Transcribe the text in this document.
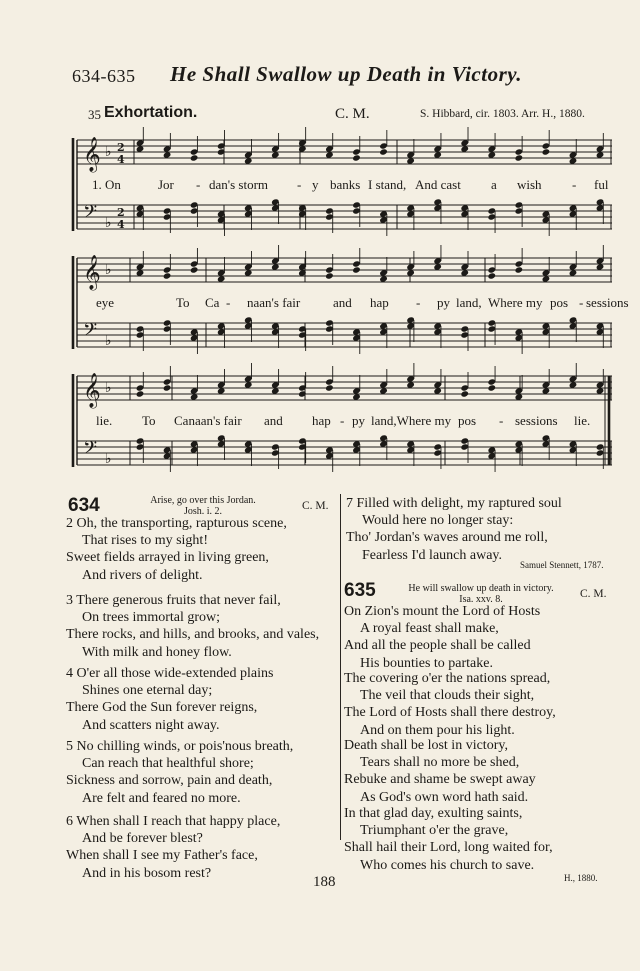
634-635 He Shall Swallow up Death in Victory.
35 Exhortation.	C. M.	S. Hibbard, cir. 1803. Arr. H., 1880.
𝄞 ♭ 2
4
𝄢 ♭
2
4
𝄞 ♭
𝄢 ♭
𝄞 ♭
𝄢 ♭
1. On	Jor - dan's storm - y banks I stand, And cast a wish - ful
eye	To Ca - naan's fair	and hap - py land, Where my pos - sessions
lie. To Canaan's fair and hap - py land,Where my pos - sessions lie.
634	Arise, go over this Jordan.
Josh. i. 2.	C. M.
2 Oh, the transporting, rapturous scene,
That rises to my sight!
Sweet fields arrayed in living green,
And rivers of delight.
3 There generous fruits that never fail,
On trees immortal grow;
There rocks, and hills, and brooks, and vales,
With milk and honey flow.
4 O'er all those wide-extended plains
Shines one eternal day;
There God the Sun forever reigns,
And scatters night away.
5 No chilling winds, or pois'nous breath,
Can reach that healthful shore;
Sickness and sorrow, pain and death,
Are felt and feared no more.
6 When shall I reach that happy place,
And be forever blest?
When shall I see my Father's face,
And in his bosom rest?
7 Filled with delight, my raptured soul
Would here no longer stay:
Tho' Jordan's waves around me roll,
Fearless I'd launch away.
Samuel Stennett, 1787.
635	He will swallow up death in victory.
Isa. xxv. 8.	C. M.
On Zion's mount the Lord of Hosts
A royal feast shall make,
And all the people shall be called
His bounties to partake.
The covering o'er the nations spread,
The veil that clouds their sight,
The Lord of Hosts shall there destroy,
And on them pour his light.
Death shall be lost in victory,
Tears shall no more be shed,
Rebuke and shame be swept away
As God's own word hath said.
In that glad day, exulting saints,
Triumphant o'er the grave,
Shall hail their Lord, long waited for,
Who comes his church to save.
H., 1880.
188
